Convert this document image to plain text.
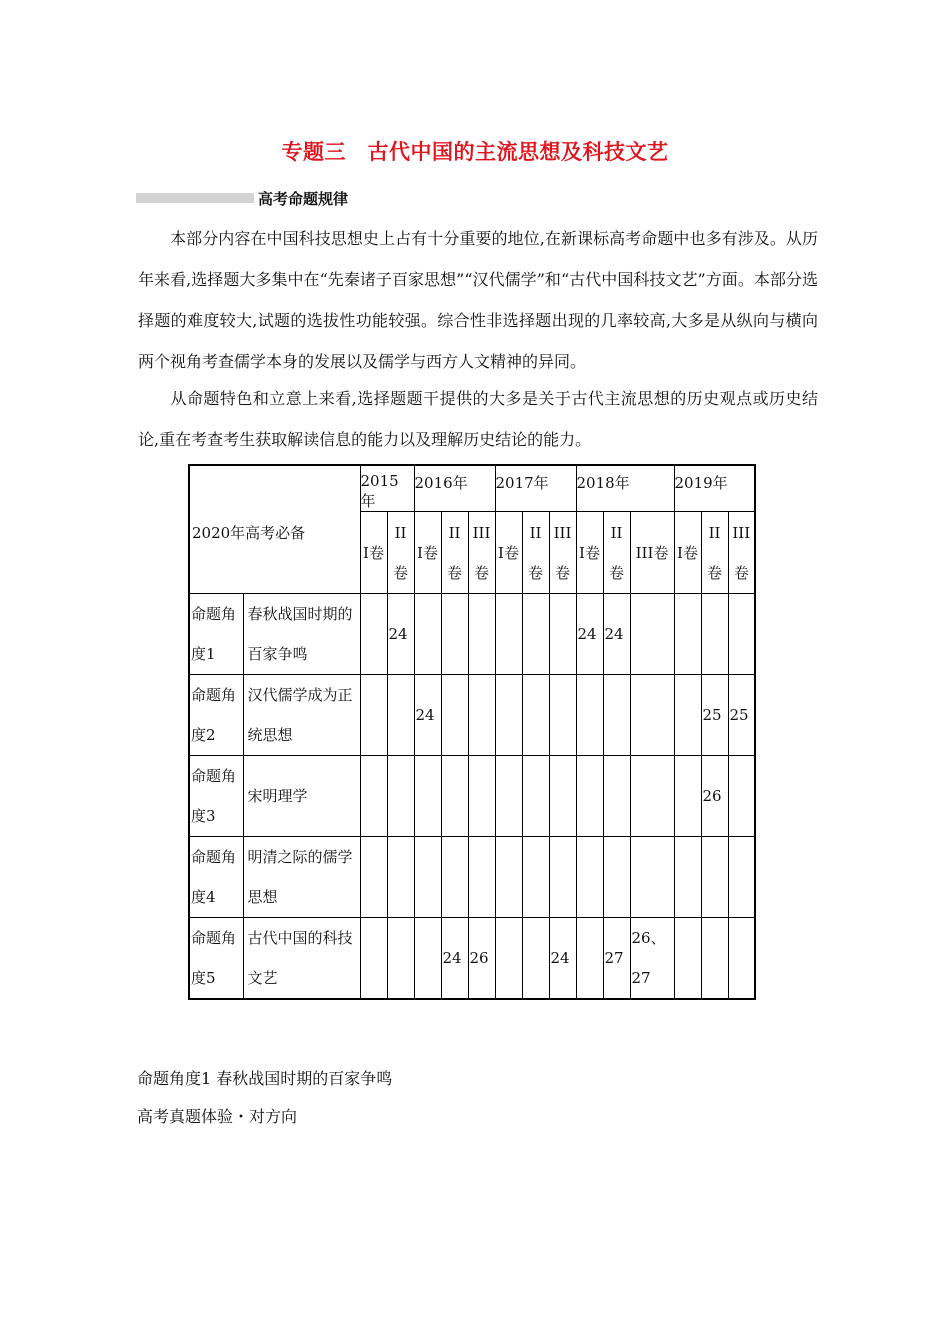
专题三　古代中国的主流思想及科技文艺
高考命题规律
本部分内容在中国科技思想史上占有十分重要的地位,在新课标高考命题中也多有涉及。从历年来看,选择题大多集中在“先秦诸子百家思想”“汉代儒学”和“古代中国科技文艺”方面。本部分选择题的难度较大,试题的选拔性功能较强。综合性非选择题出现的几率较高,大多是从纵向与横向两个视角考查儒学本身的发展以及儒学与西方人文精神的异同。
从命题特色和立意上来看,选择题题干提供的大多是关于古代主流思想的历史观点或历史结论,重在考查考生获取解读信息的能力以及理解历史结论的能力。
2020年高考必备		2015年		2016年			2017年			2018年			2019年		
		I卷	II卷	I卷	II卷	III卷	I卷	II卷	III卷	I卷	II卷	III卷	I卷	II卷	III卷
命题角度1	春秋战国时期的百家争鸣		24							24	24				
命题角度2	汉代儒学成为正统思想			24										25	25
命题角度3	宋明理学													26	
命题角度4	明清之际的儒学思想														
命题角度5	古代中国的科技文艺				24	26			24		27	26、27			
命题角度1 春秋战国时期的百家争鸣
高考真题体验・对方向
